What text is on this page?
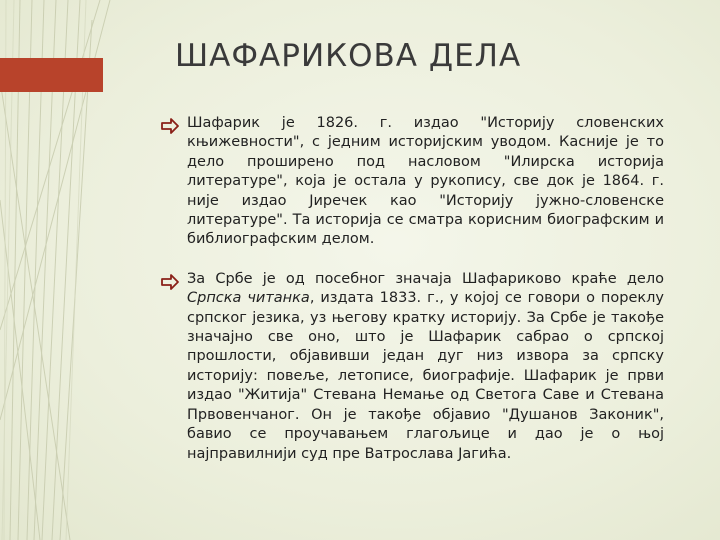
ШАФАРИКОВА ДЕЛА

Шафарик је 1826. г. издао "Историју словенских књижевности", с једним историјским уводом. Касније је то дело проширено под насловом "Илирска историја литературе", која је остала у рукопису, све док је 1864. г. није издао Јиречек као "Историју јужно-словенске литературе". Та историја се сматра корисним биографским и библиографским делом.

За Србе је од посебног значаја Шафариково краће дело Српска читанка, издата 1833. г., у којој се говори о пореклу српског језика, уз његову кратку историју. За Србе је такође значајно све оно, што је Шафарик сабрао о српској прошлости, објавивши један дуг низ извора за српску историју: повеље, летописе, биографије. Шафарик је први издао "Житија" Стевана Немање од Светога Саве и Стевана Првовенчаног. Он је такође објавио "Душанов Законик", бавио се проучавањем глагољице и дао је о њој најправилнији суд пре Ватрослава Јагића.
